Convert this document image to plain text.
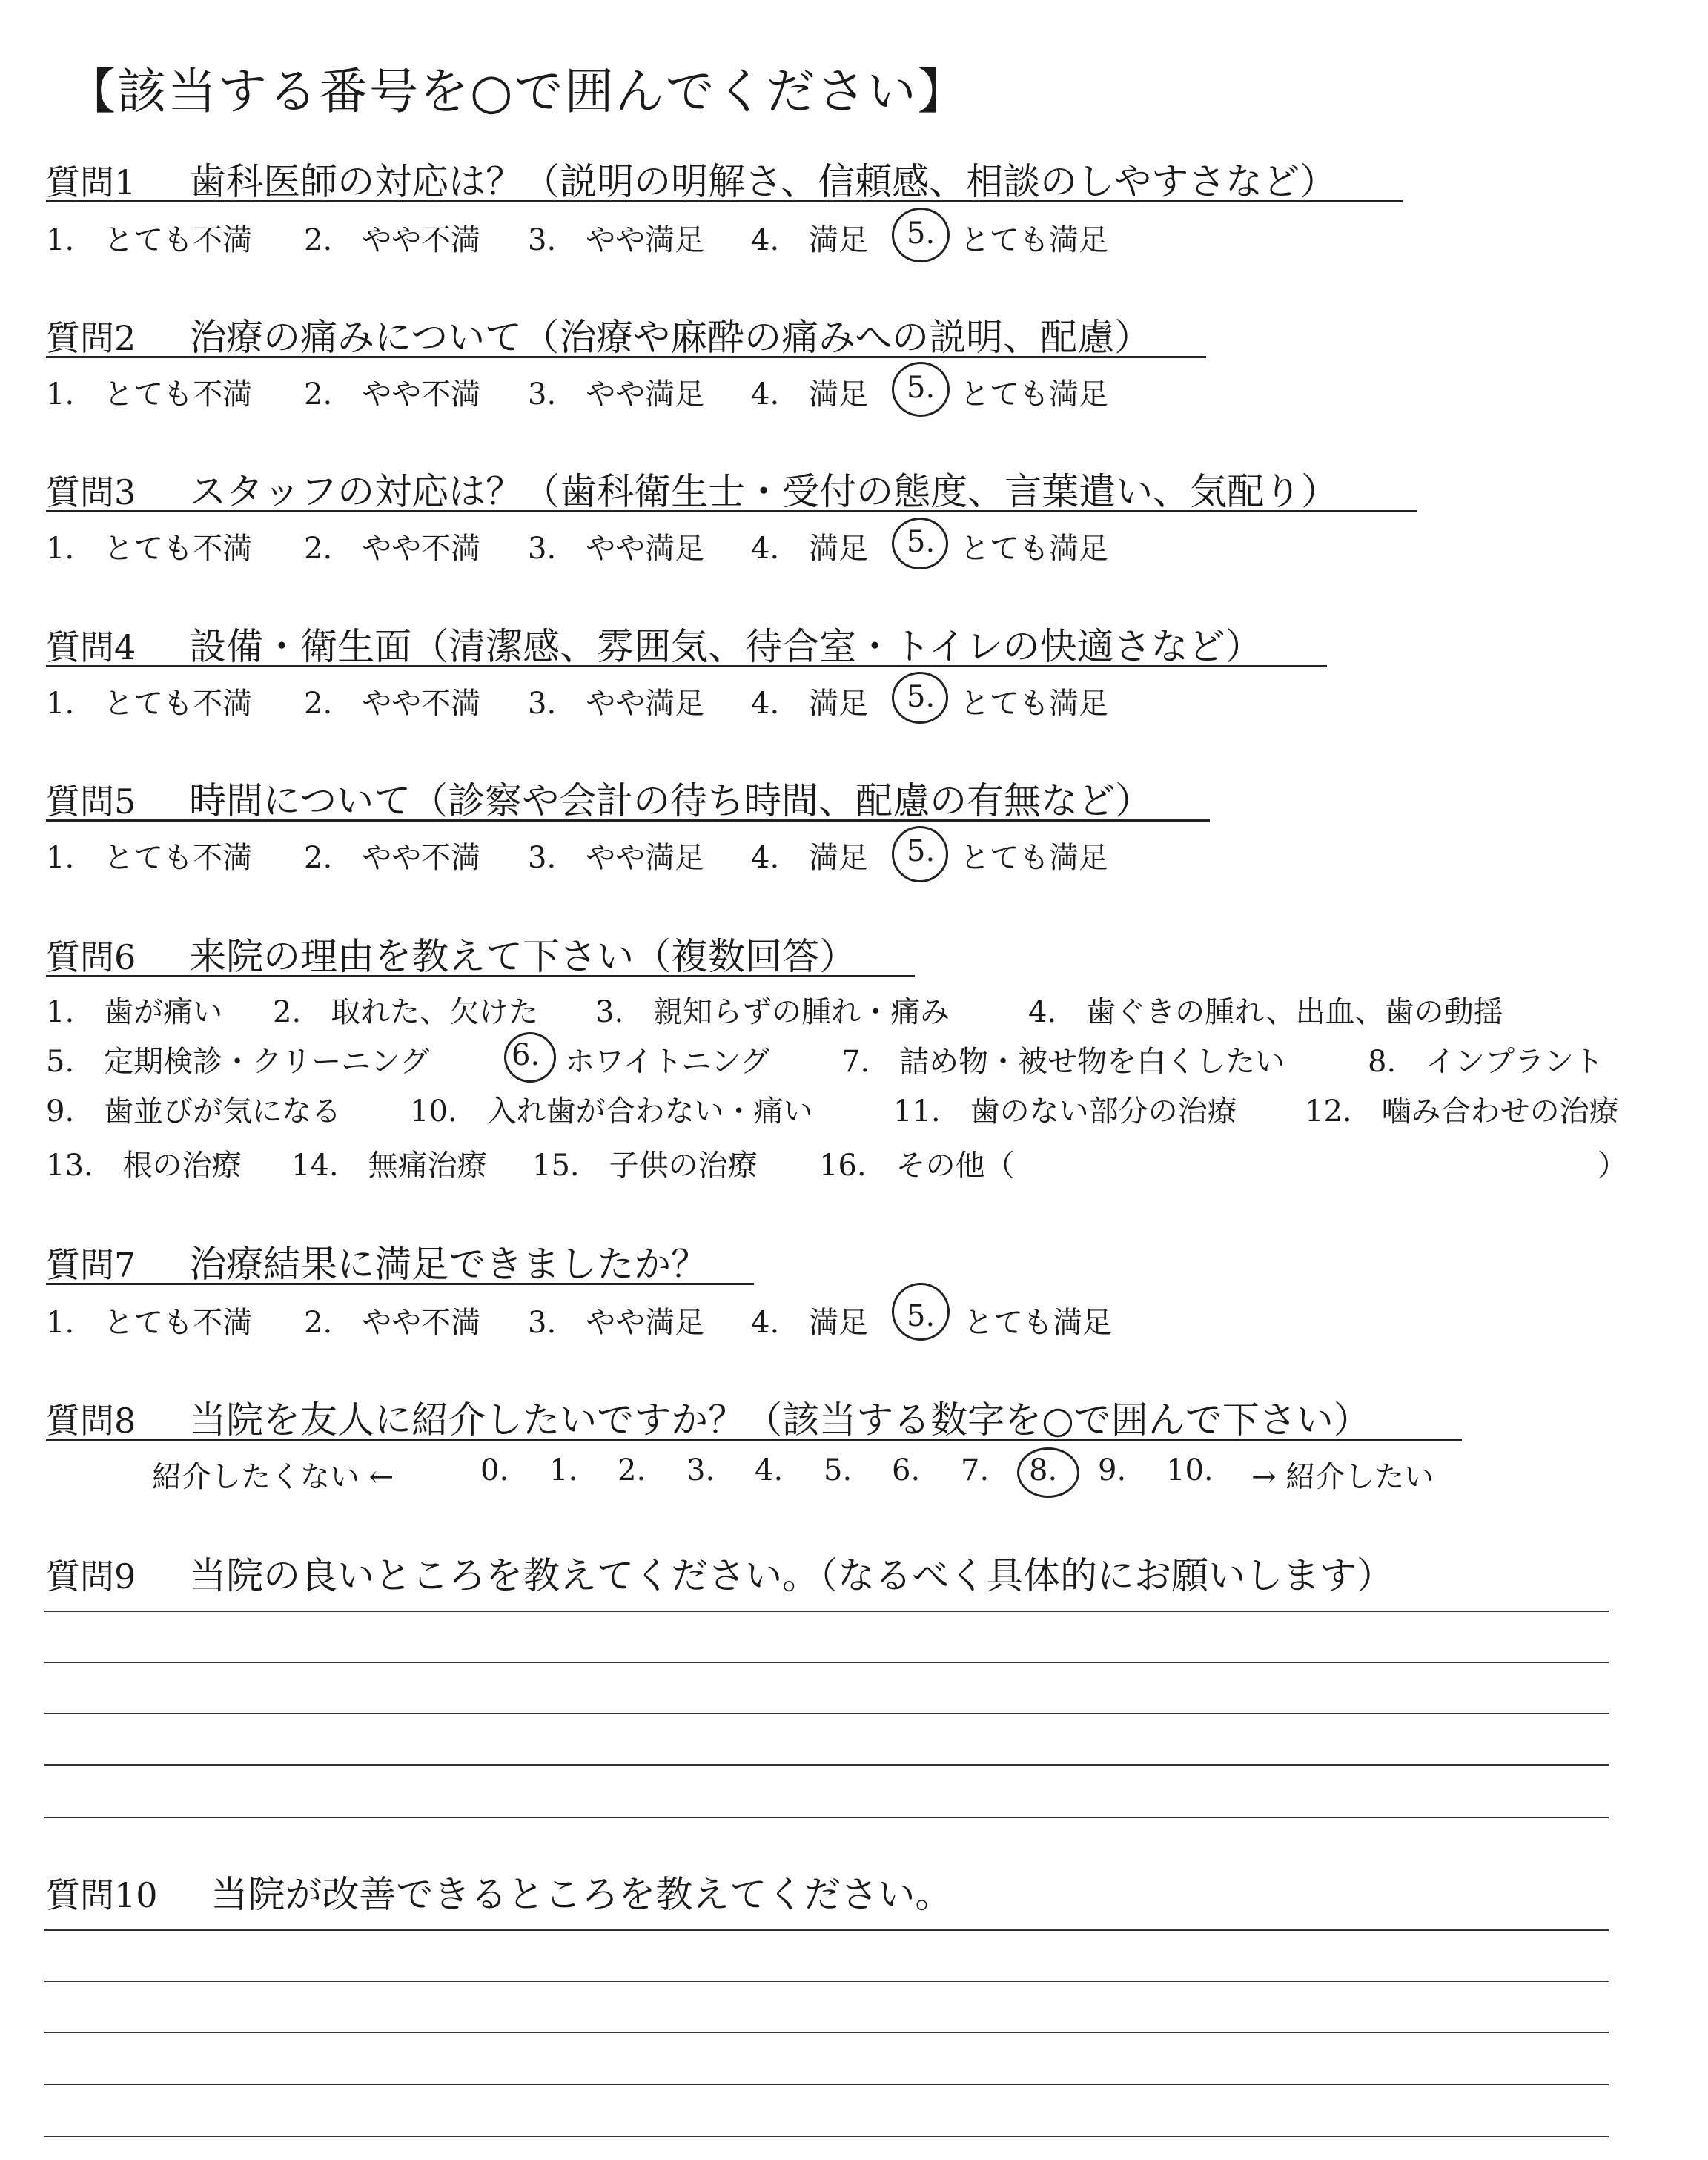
【該当する番号を○で囲んでください】
質問1 歯科医師の対応は？（説明の明解さ、信頼感、相談のしやすさなど）
1.　とても不満 2.　やや不満 3.　やや満足 4.　満足 5. とても満足
質問2 治療の痛みについて（治療や麻酔の痛みへの説明、配慮）
1.　とても不満 2.　やや不満 3.　やや満足 4.　満足 5. とても満足
質問3 スタッフの対応は？（歯科衛生士・受付の態度、言葉遣い、気配り）
1.　とても不満 2.　やや不満 3.　やや満足 4.　満足 5. とても満足
質問4 設備・衛生面（清潔感、雰囲気、待合室・トイレの快適さなど）
1.　とても不満 2.　やや不満 3.　やや満足 4.　満足 5. とても満足
質問5 時間について（診察や会計の待ち時間、配慮の有無など）
1.　とても不満 2.　やや不満 3.　やや満足 4.　満足 5. とても満足
質問6 来院の理由を教えて下さい（複数回答）
1.　歯が痛い 2.　取れた、欠けた 3.　親知らずの腫れ・痛み	4.　歯ぐきの腫れ、出血、歯の動揺
5.　定期検診・クリーニング	6. ホワイトニング 7.　詰め物・被せ物を白くしたい	8.　インプラント
9.　歯並びが気になる 10.　入れ歯が合わない・痛い	11.　歯のない部分の治療 12.　噛み合わせの治療
13.　根の治療 14.　無痛治療 15.　子供の治療 16.　その他（	）
質問7 治療結果に満足できましたか？
1.　とても不満 2.　やや不満 3.　やや満足 4.　満足 5. とても満足
質問8 当院を友人に紹介したいですか？（該当する数字を○で囲んで下さい）
紹介したくない ←	0. 1. 2. 3. 4. 5. 6. 7. 8. 9. 10. → 紹介したい
質問9 当院の良いところを教えてください。（なるべく具体的にお願いします）
質問10 当院が改善できるところを教えてください。
